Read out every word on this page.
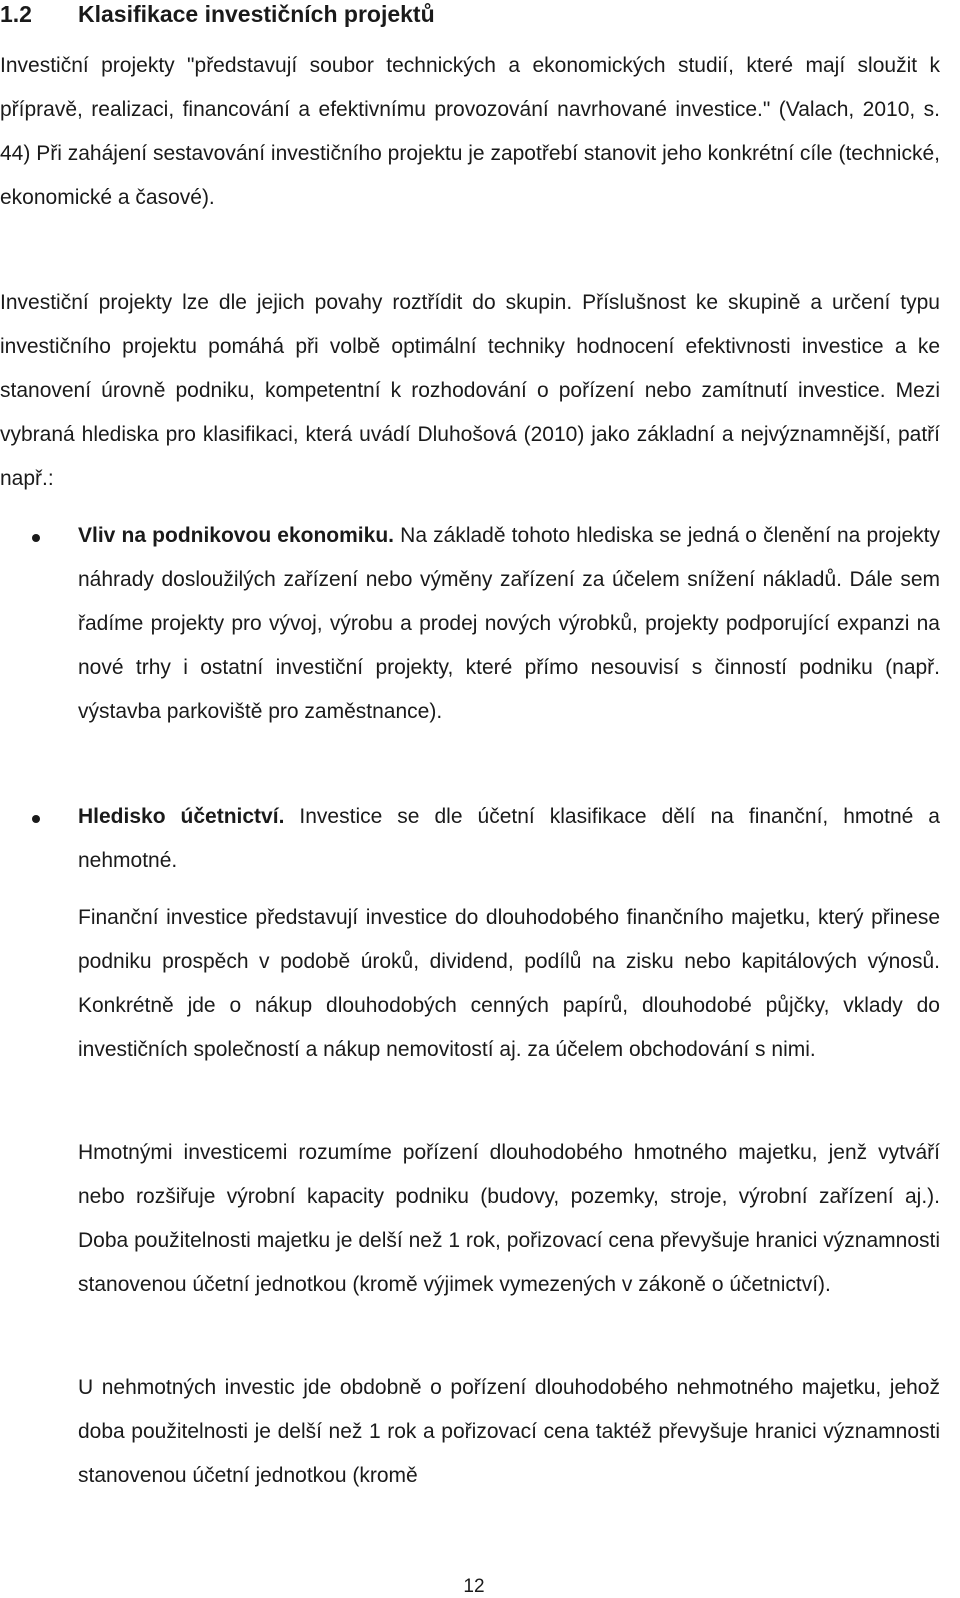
1.2 Klasifikace investičních projektů
Investiční projekty "představují soubor technických a ekonomických studií, které mají sloužit k přípravě, realizaci, financování a efektivnímu provozování navrhované investice." (Valach, 2010, s. 44) Při zahájení sestavování investičního projektu je zapotřebí stanovit jeho konkrétní cíle (technické, ekonomické a časové).
Investiční projekty lze dle jejich povahy roztřídit do skupin. Příslušnost ke skupině a určení typu investičního projektu pomáhá při volbě optimální techniky hodnocení efektivnosti investice a ke stanovení úrovně podniku, kompetentní k rozhodování o pořízení nebo zamítnutí investice. Mezi vybraná hlediska pro klasifikaci, která uvádí Dluhošová (2010) jako základní a nejvýznamnější, patří např.:
Vliv na podnikovou ekonomiku. Na základě tohoto hlediska se jedná o členění na projekty náhrady dosloužilých zařízení nebo výměny zařízení za účelem snížení nákladů. Dále sem řadíme projekty pro vývoj, výrobu a prodej nových výrobků, projekty podporující expanzi na nové trhy i ostatní investiční projekty, které přímo nesouvisí s činností podniku (např. výstavba parkoviště pro zaměstnance).
Hledisko účetnictví. Investice se dle účetní klasifikace dělí na finanční, hmotné a nehmotné.
Finanční investice představují investice do dlouhodobého finančního majetku, který přinese podniku prospěch v podobě úroků, dividend, podílů na zisku nebo kapitálových výnosů. Konkrétně jde o nákup dlouhodobých cenných papírů, dlouhodobé půjčky, vklady do investičních společností a nákup nemovitostí aj. za účelem obchodování s nimi.
Hmotnými investicemi rozumíme pořízení dlouhodobého hmotného majetku, jenž vytváří nebo rozšiřuje výrobní kapacity podniku (budovy, pozemky, stroje, výrobní zařízení aj.). Doba použitelnosti majetku je delší než 1 rok, pořizovací cena převyšuje hranici významnosti stanovenou účetní jednotkou (kromě výjimek vymezených v zákoně o účetnictví).
U nehmotných investic jde obdobně o pořízení dlouhodobého nehmotného majetku, jehož doba použitelnosti je delší než 1 rok a pořizovací cena taktéž převyšuje hranici významnosti stanovenou účetní jednotkou (kromě
12
